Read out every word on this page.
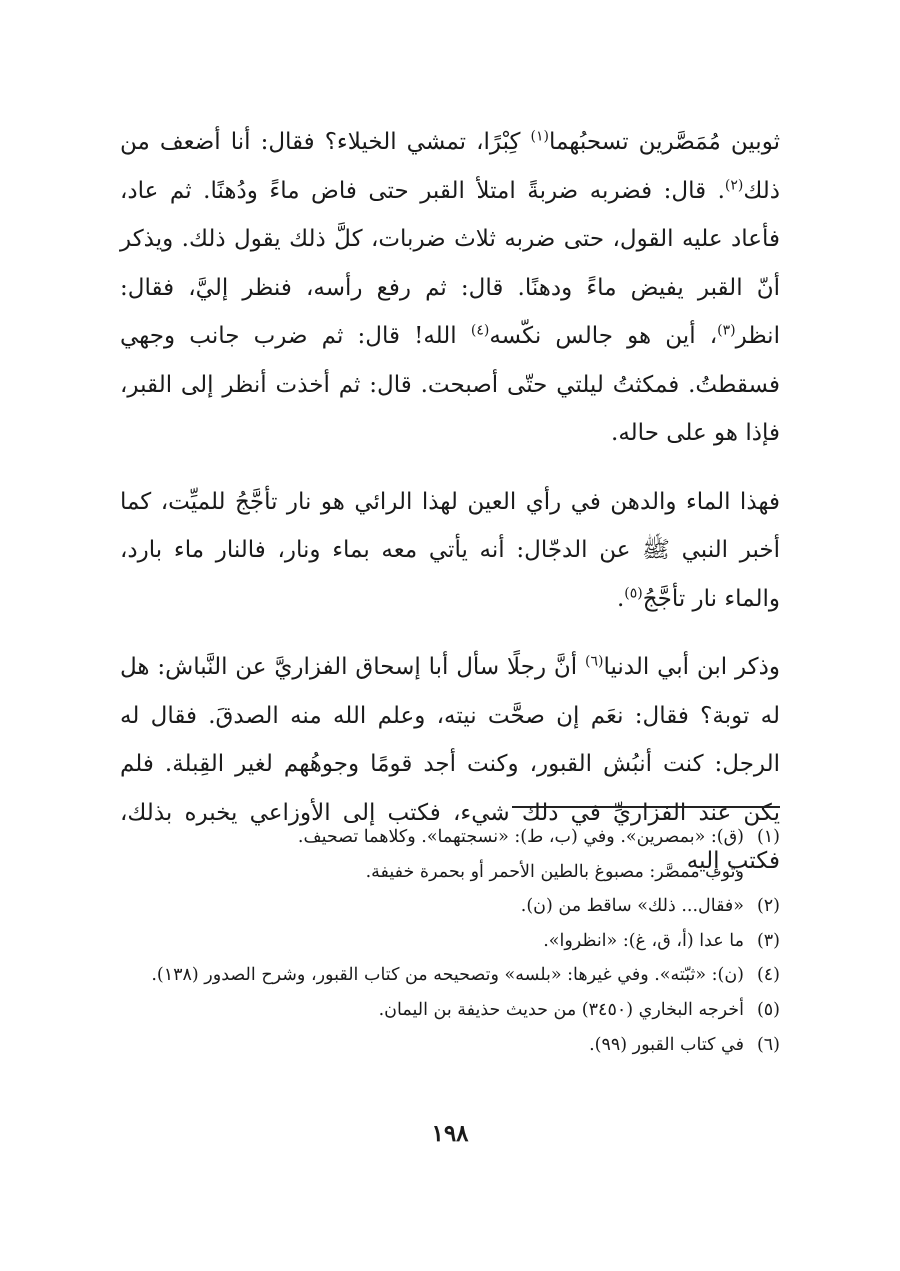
ثوبين مُمَصَّرين تسحبُهما$^{(١)}$ كِبْرًا، تمشي الخيلاء؟ فقال: أنا أضعف من ذلك$^{(٢)}$. قال: فضربه ضربةً امتلأ القبر حتى فاض ماءً ودُهنًا. ثم عاد، فأعاد عليه القول، حتى ضربه ثلاث ضربات، كلَّ ذلك يقول ذلك. ويذكر أنّ القبر يفيض ماءً ودهنًا. قال: ثم رفع رأسه، فنظر إليَّ، فقال: انظر$^{(٣)}$، أين هو جالس نكّسه$^{(٤)}$ الله! قال: ثم ضرب جانب وجهي فسقطتُ. فمكثتُ ليلتي حتّى أصبحت. قال: ثم أخذت أنظر إلى القبر، فإذا هو على حاله.

فهذا الماء والدهن في رأي العين لهذا الرائي هو نار تأجَّجُ للميِّت، كما أخبر النبي ﷺ عن الدجّال: أنه يأتي معه بماء ونار، فالنار ماء بارد، والماء نار تأجَّجُ$^{(٥)}$.

وذكر ابن أبي الدنيا$^{(٦)}$ أنَّ رجلًا سأل أبا إسحاق الفزاريَّ عن النَّباش: هل له توبة؟ فقال: نعَم إن صحَّت نيته، وعلم الله منه الصدقَ. فقال له الرجل: كنت أنبُش القبور، وكنت أجد قومًا وجوهُهم لغير القِبلة. فلم يكن عند الفزاريِّ في ذلك شيء، فكتب إلى الأوزاعي يخبره بذلك، فكتب إليه

(١)
(ق): «بمصرين». وفي (ب، ط): «نسجتهما». وكلاهما تصحيف.
وثوب ممصَّر: مصبوغ بالطين الأحمر أو بحمرة خفيفة.
(٢)
«فقال... ذلك» ساقط من (ن).
(٣)
ما عدا (أ، ق، غ): «انظروا».
(٤)
(ن): «ثبّته». وفي غيرها: «بلسه» وتصحيحه من كتاب القبور، وشرح الصدور (١٣٨).
(٥)
أخرجه البخاري (٣٤٥٠) من حديث حذيفة بن اليمان.
(٦)
في كتاب القبور (٩٩).
١٩٨
